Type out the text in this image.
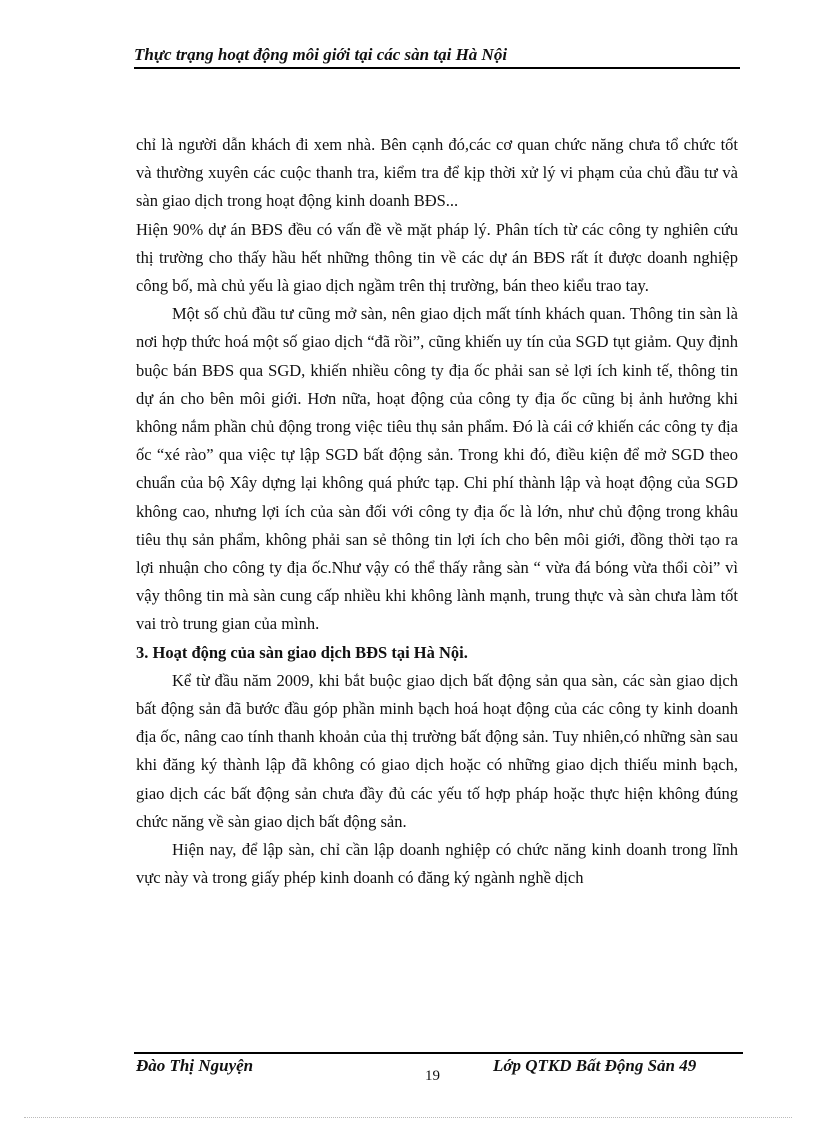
Thực trạng hoạt động môi giới tại các sàn tại Hà Nội

chỉ là người dẫn khách đi xem nhà. Bên cạnh đó,các cơ quan chức năng chưa tổ chức tốt và thường xuyên các cuộc thanh tra, kiểm tra để kịp thời xử lý vi phạm của chủ đầu tư và sàn giao dịch trong hoạt động kinh doanh BĐS...

Hiện 90% dự án BĐS đều có vấn đề về mặt pháp lý. Phân tích từ các công ty nghiên cứu thị trường cho thấy hầu hết những thông tin về các dự án BĐS rất ít được doanh nghiệp công bố, mà chủ yếu là giao dịch ngầm trên thị trường, bán theo kiểu trao tay.

Một số chủ đầu tư cũng mở sàn, nên giao dịch mất tính khách quan. Thông tin sàn là nơi hợp thức hoá một số giao dịch “đã rồi”, cũng khiến uy tín của SGD tụt giảm. Quy định buộc bán BĐS qua SGD, khiến nhiều công ty địa ốc phải san sẻ lợi ích kinh tế, thông tin dự án cho bên môi giới. Hơn nữa, hoạt động của công ty địa ốc cũng bị ảnh hưởng khi không nắm phần chủ động trong việc tiêu thụ sản phẩm. Đó là cái cớ khiến các công ty địa ốc “xé rào” qua việc tự lập SGD bất động sản. Trong khi đó, điều kiện để mở SGD theo chuẩn của bộ Xây dựng lại không quá phức tạp. Chi phí thành lập và hoạt động của SGD không cao, nhưng lợi ích của sàn đối với công ty địa ốc là lớn, như chủ động trong khâu tiêu thụ sản phẩm, không phải san sẻ thông tin lợi ích cho bên môi giới, đồng thời tạo ra lợi nhuận cho công ty địa ốc.Như vậy có thể thấy rằng sàn “ vừa đá bóng vừa thổi còi” vì vậy thông tin mà sàn cung cấp nhiều khi không lành mạnh, trung thực và sàn chưa làm tốt vai trò trung gian của mình.

3. Hoạt động của sàn giao dịch BĐS tại Hà Nội.

Kể từ đầu năm 2009, khi bắt buộc giao dịch bất động sản qua sàn, các sàn giao dịch bất động sản đã bước đầu góp phần minh bạch hoá hoạt động của các công ty kinh doanh địa ốc, nâng cao tính thanh khoản của thị trường bất động sản. Tuy nhiên,có những sàn sau khi đăng ký thành lập đã không có giao dịch hoặc có những giao dịch thiếu minh bạch, giao dịch các bất động sản chưa đầy đủ các yếu tố hợp pháp hoặc thực hiện không đúng chức năng về sàn giao dịch bất động sản.

Hiện nay, để lập sàn, chỉ cần lập doanh nghiệp có chức năng kinh doanh trong lĩnh vực này và trong giấy phép kinh doanh có đăng ký ngành nghề dịch

Đào Thị Nguyện
19
Lớp QTKD Bất Động Sản 49
